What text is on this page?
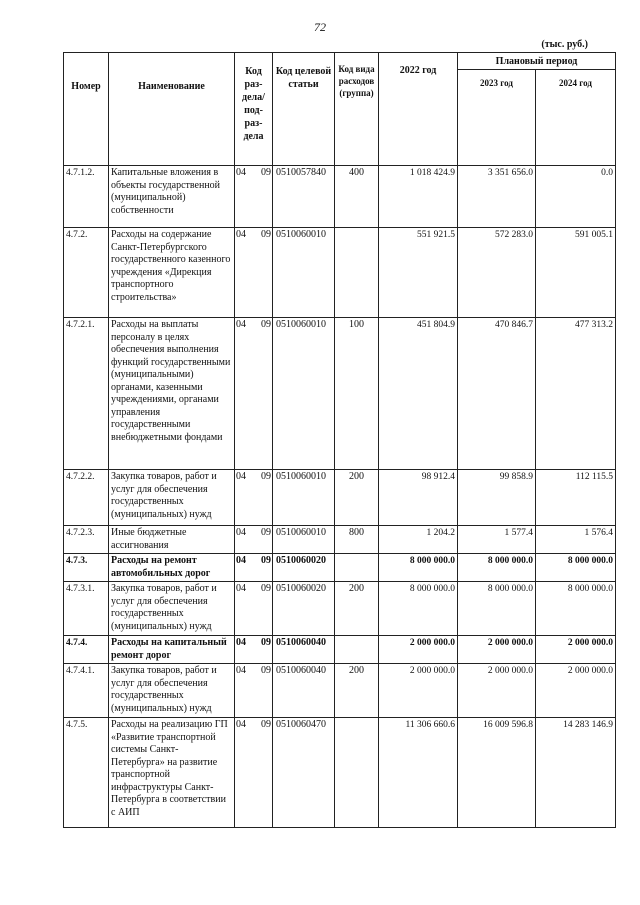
72
(тыс. руб.)
Номер	Наименование	Код раз-дела/ под-раз-дела	Код целевой статьи	Код вида расходов (группа)	2022 год	Плановый период	
						2023 год	2024 год
4.7.1.2.	Капитальные вложения в объекты государственной (муниципальной) собственности	04 09	0510057840	400	1 018 424.9	3 351 656.0	0.0
4.7.2.	Расходы на содержание Санкт-Петербургского государственного казенного учреждения «Дирекция транспортного строительства»	04 09	0510060010		551 921.5	572 283.0	591 005.1
4.7.2.1.	Расходы на выплаты персоналу в целях обеспечения выполнения функций государственными (муниципальными) органами, казенными учреждениями, органами управления государственными внебюджетными фондами	04 09	0510060010	100	451 804.9	470 846.7	477 313.2
4.7.2.2.	Закупка товаров, работ и услуг для обеспечения государственных (муниципальных) нужд	04 09	0510060010	200	98 912.4	99 858.9	112 115.5
4.7.2.3.	Иные бюджетные ассигнования	04 09	0510060010	800	1 204.2	1 577.4	1 576.4
4.7.3.	Расходы на ремонт автомобильных дорог	04 09	0510060020		8 000 000.0	8 000 000.0	8 000 000.0
4.7.3.1.	Закупка товаров, работ и услуг для обеспечения государственных (муниципальных) нужд	04 09	0510060020	200	8 000 000.0	8 000 000.0	8 000 000.0
4.7.4.	Расходы на капитальный ремонт дорог	04 09	0510060040		2 000 000.0	2 000 000.0	2 000 000.0
4.7.4.1.	Закупка товаров, работ и услуг для обеспечения государственных (муниципальных) нужд	04 09	0510060040	200	2 000 000.0	2 000 000.0	2 000 000.0
4.7.5.	Расходы на реализацию ГП «Развитие транспортной системы Санкт-Петербурга» на развитие транспортной инфраструктуры Санкт-Петербурга в соответствии с АИП	04 09	0510060470		11 306 660.6	16 009 596.8	14 283 146.9
